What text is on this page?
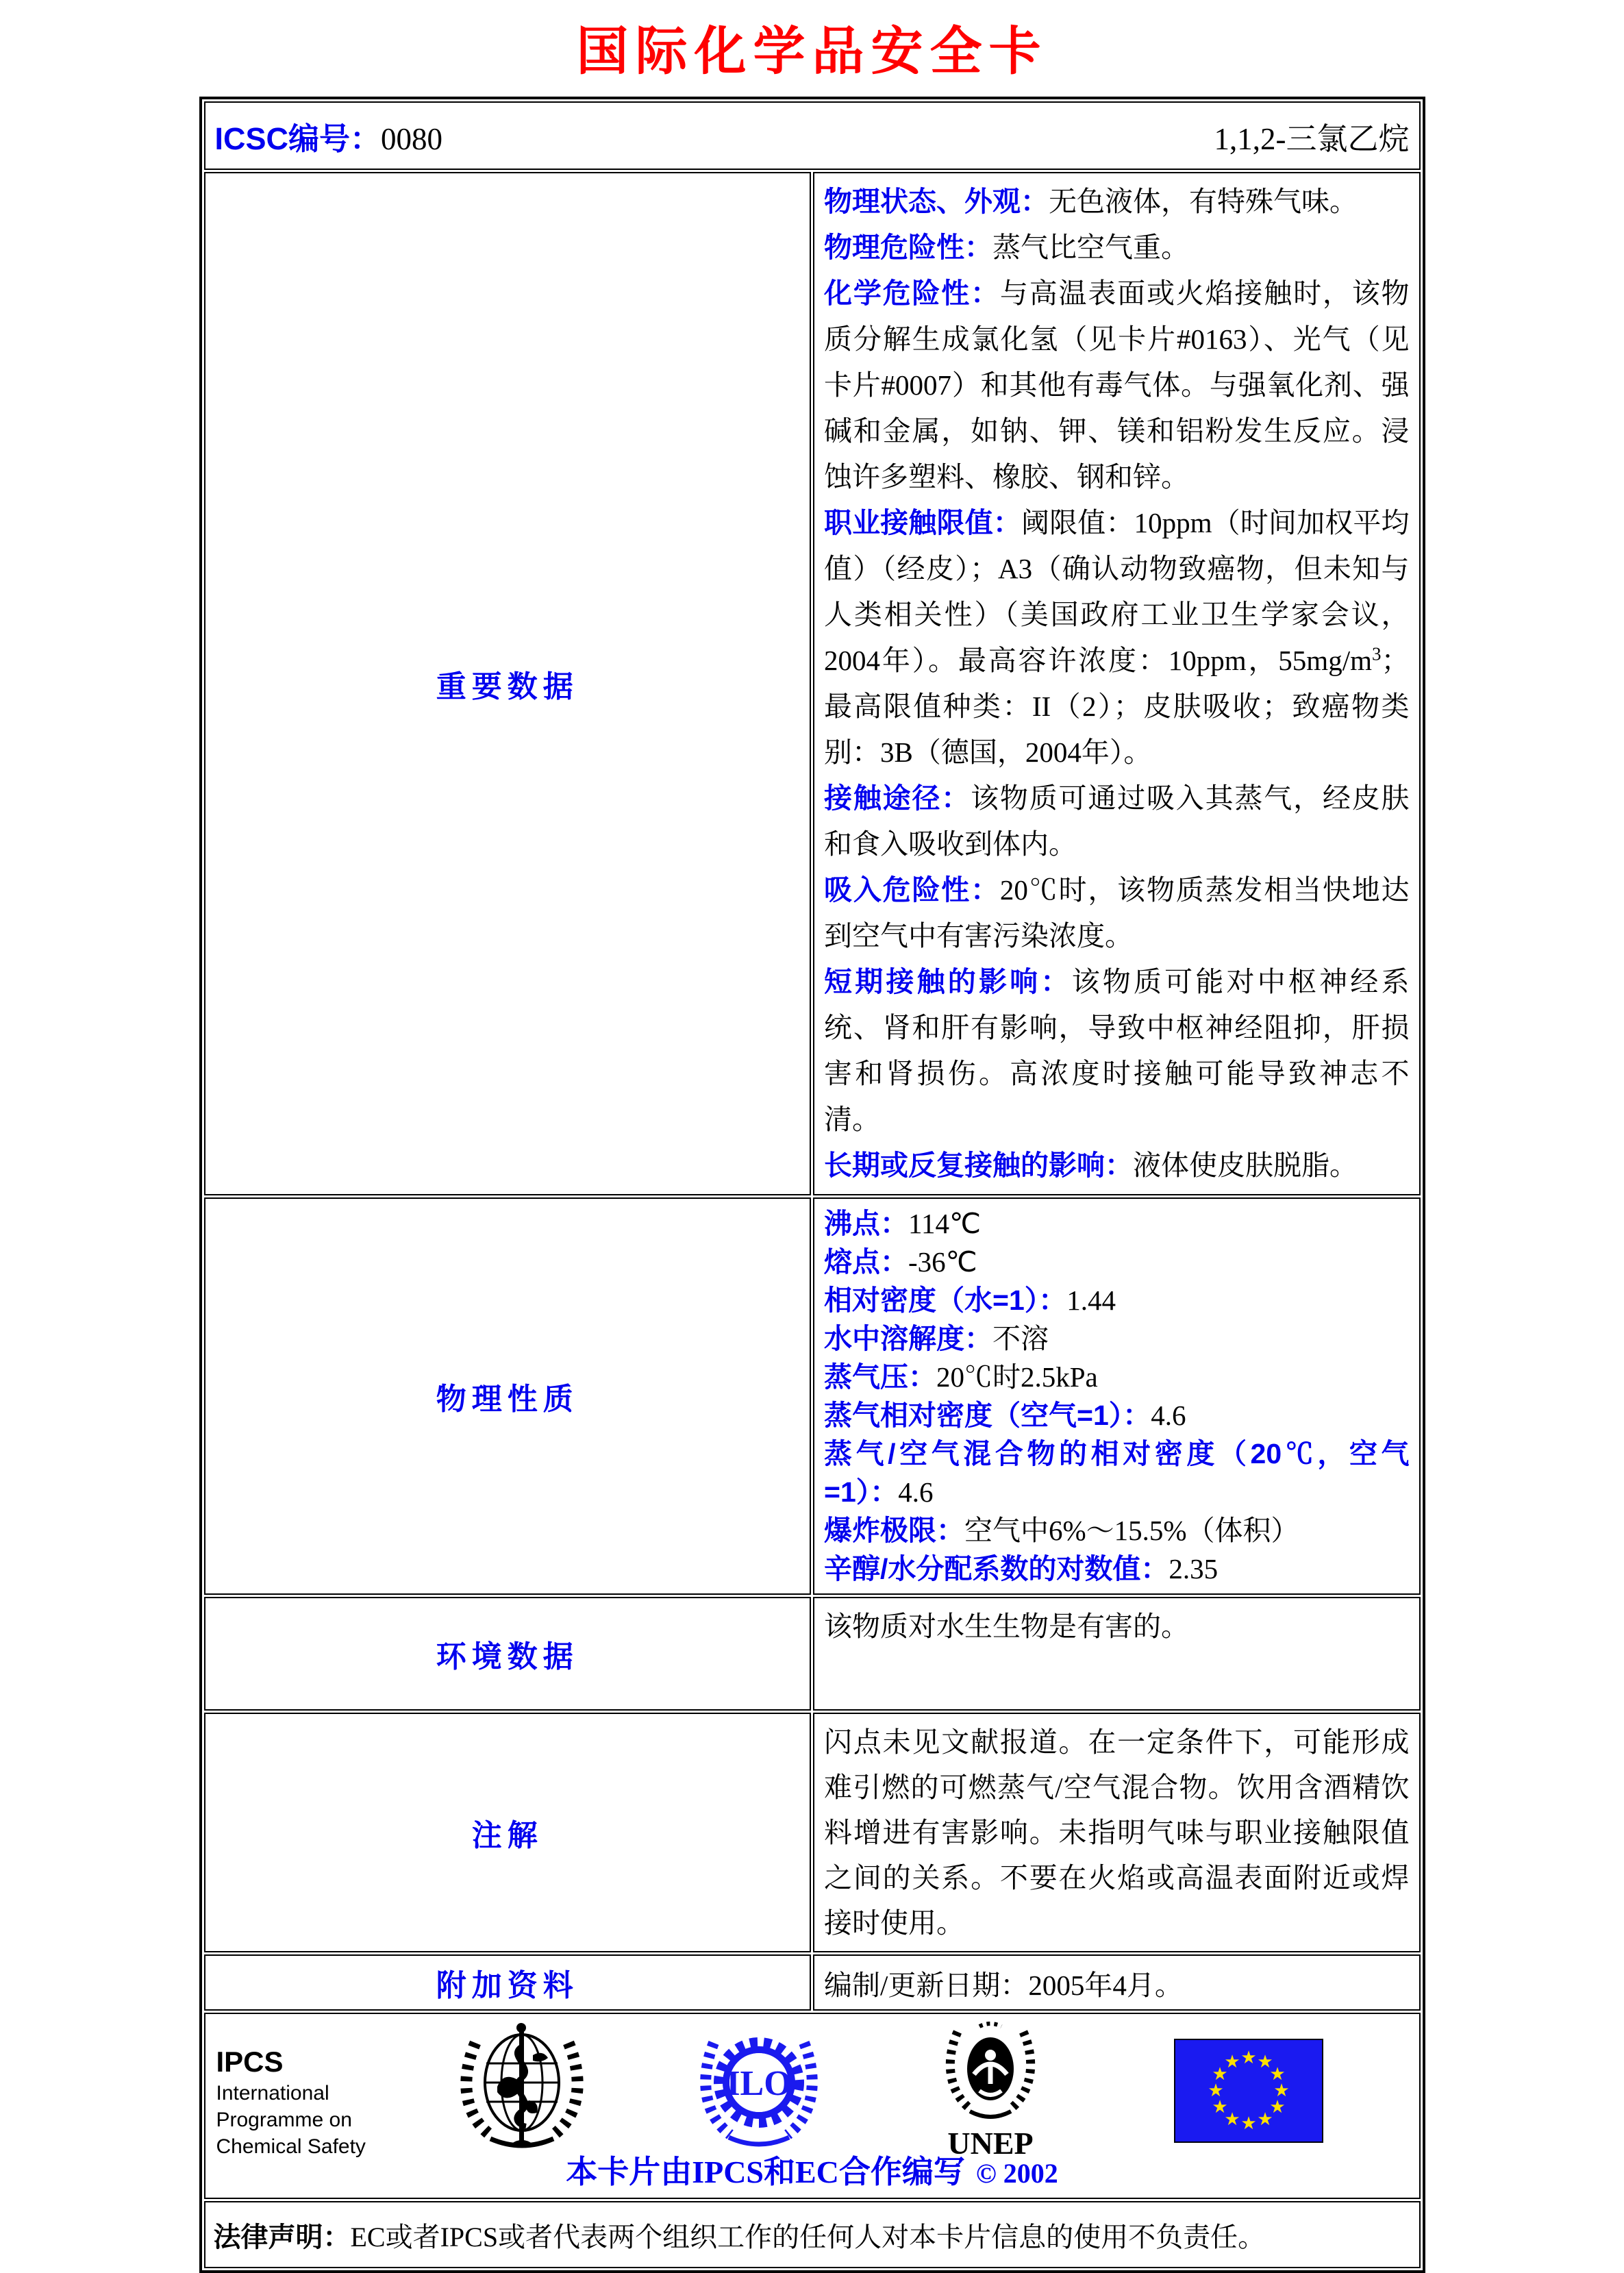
国际化学品安全卡
ICSC编号：0080 1,1,2-三氯乙烷	

重要数据	
物理状态、外观：无色液体，有特殊气味。
物理危险性：蒸气比空气重。
化学危险性：与高温表面或火焰接触时，该物质分解生成氯化氢（见卡片#0163）、光气（见卡片#0007）和其他有毒气体。与强氧化剂、强碱和金属，如钠、钾、镁和铝粉发生反应。浸蚀许多塑料、橡胶、钢和锌。
职业接触限值：阈限值：10ppm（时间加权平均值）（经皮）；A3（确认动物致癌物，但未知与人类相关性）（美国政府工业卫生学家会议，2004年）。最高容许浓度：10ppm，$55mg/m^3$；最高限值种类：II（2）；皮肤吸收；致癌物类别：3B（德国，2004年）。
接触途径：该物质可通过吸入其蒸气，经皮肤和食入吸收到体内。
吸入危险性：20℃时，该物质蒸发相当快地达到空气中有害污染浓度。
短期接触的影响：该物质可能对中枢神经系统、肾和肝有影响，导致中枢神经阻抑，肝损害和肾损伤。高浓度时接触可能导致神志不清。
长期或反复接触的影响：液体使皮肤脱脂。

物理性质	
沸点：114℃
熔点：-36℃
相对密度（水=1）：1.44
水中溶解度：不溶
蒸气压：20℃时2.5kPa
蒸气相对密度（空气=1）：4.6
蒸气/空气混合物的相对密度（20℃，空气=1）：4.6
爆炸极限：空气中6%～15.5%（体积）
辛醇/水分配系数的对数值：2.35

环境数据	该物质对水生生物是有害的。

注解	闪点未见文献报道。在一定条件下，可能形成难引燃的可燃蒸气/空气混合物。饮用含酒精饮料增进有害影响。未指明气味与职业接触限值之间的关系。不要在火焰或高温表面附近或焊接时使用。

附加资料	编制/更新日期：2005年4月。

IPCS
International
Programme on
Chemical Safety
ILO
UNEP
★ ★
★
★
★
★
★
★
★
★
★
★
本卡片由IPCS和EC合作编写 © 2002

法律声明：EC或者IPCS或者代表两个组织工作的任何人对本卡片信息的使用不负责任。	
